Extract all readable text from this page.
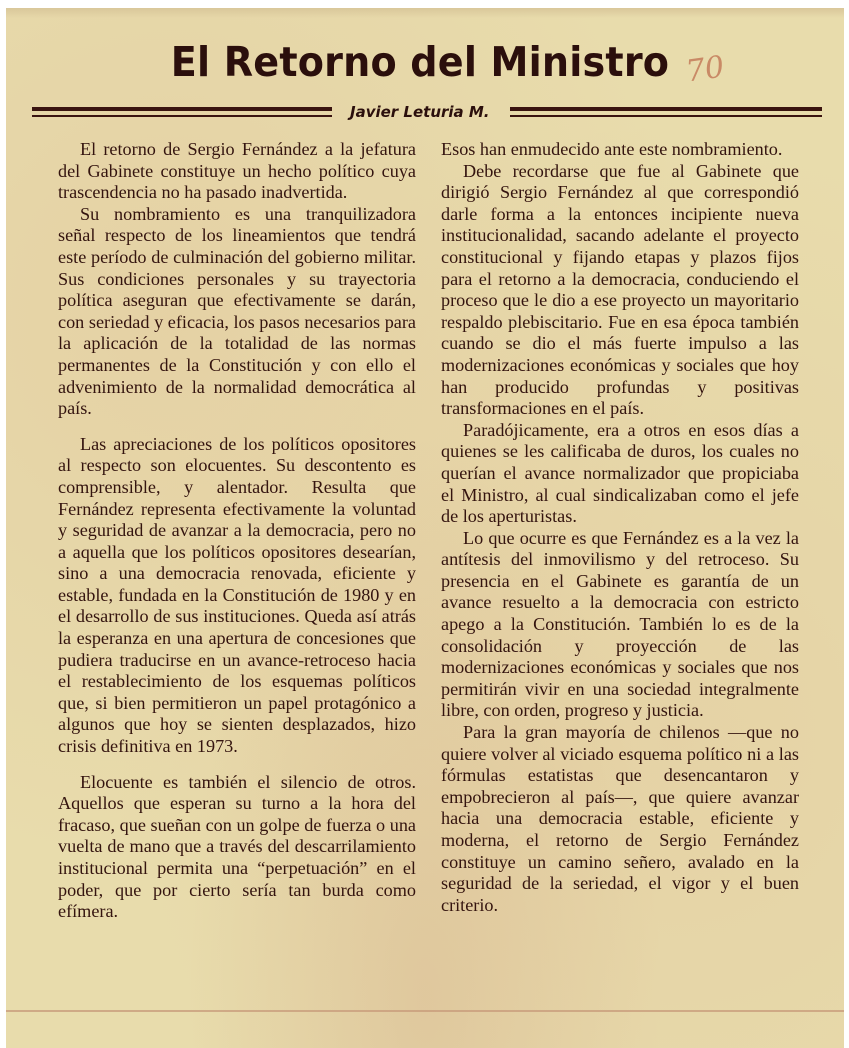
El Retorno del Ministro 70
Javier Leturia M.

El retorno de Sergio Fernández a la jefatura del Gabinete constituye un hecho político cuya trascendencia no ha pasado inadvertida.

Su nombramiento es una tranquilizadora señal respecto de los lineamientos que tendrá este período de culminación del gobierno militar. Sus condiciones personales y su trayectoria política aseguran que efectivamente se darán, con seriedad y eficacia, los pasos necesarios para la aplicación de la totalidad de las normas permanentes de la Constitución y con ello el advenimiento de la normalidad democrática al país.

Las apreciaciones de los políticos opositores al respecto son elocuentes. Su descontento es comprensible, y alentador. Resulta que Fernández representa efectivamente la voluntad y seguridad de avanzar a la democracia, pero no a aquella que los políticos opositores desearían, sino a una democracia renovada, eficiente y estable, fundada en la Constitución de 1980 y en el desarrollo de sus instituciones. Queda así atrás la esperanza en una apertura de concesiones que pudiera traducirse en un avance-retroceso hacia el restablecimiento de los esquemas políticos que, si bien permitieron un papel protagónico a algunos que hoy se sienten desplazados, hizo crisis definitiva en 1973.

Elocuente es también el silencio de otros. Aquellos que esperan su turno a la hora del fracaso, que sueñan con un golpe de fuerza o una vuelta de mano que a través del descarrilamiento institucional permita una “perpetuación” en el poder, que por cierto sería tan burda como efímera.

Esos han enmudecido ante este nombramiento.

Debe recordarse que fue al Gabinete que dirigió Sergio Fernández al que correspondió darle forma a la entonces incipiente nueva institucionalidad, sacando adelante el proyecto constitucional y fijando etapas y plazos fijos para el retorno a la democracia, conduciendo el proceso que le dio a ese proyecto un mayoritario respaldo plebiscitario. Fue en esa época también cuando se dio el más fuerte impulso a las modernizaciones económicas y sociales que hoy han producido profundas y positivas transformaciones en el país.

Paradójicamente, era a otros en esos días a quienes se les calificaba de duros, los cuales no querían el avance normalizador que propiciaba el Ministro, al cual sindicalizaban como el jefe de los aperturistas.

Lo que ocurre es que Fernández es a la vez la antítesis del inmovilismo y del retroceso. Su presencia en el Gabinete es garantía de un avance resuelto a la democracia con estricto apego a la Constitución. También lo es de la consolidación y proyección de las modernizaciones económicas y sociales que nos permitirán vivir en una sociedad integralmente libre, con orden, progreso y justicia.

Para la gran mayoría de chilenos —que no quiere volver al viciado esquema político ni a las fórmulas estatistas que desencantaron y empobrecieron al país—, que quiere avanzar hacia una democracia estable, eficiente y moderna, el retorno de Sergio Fernández constituye un camino señero, avalado en la seguridad de la seriedad, el vigor y el buen criterio.
